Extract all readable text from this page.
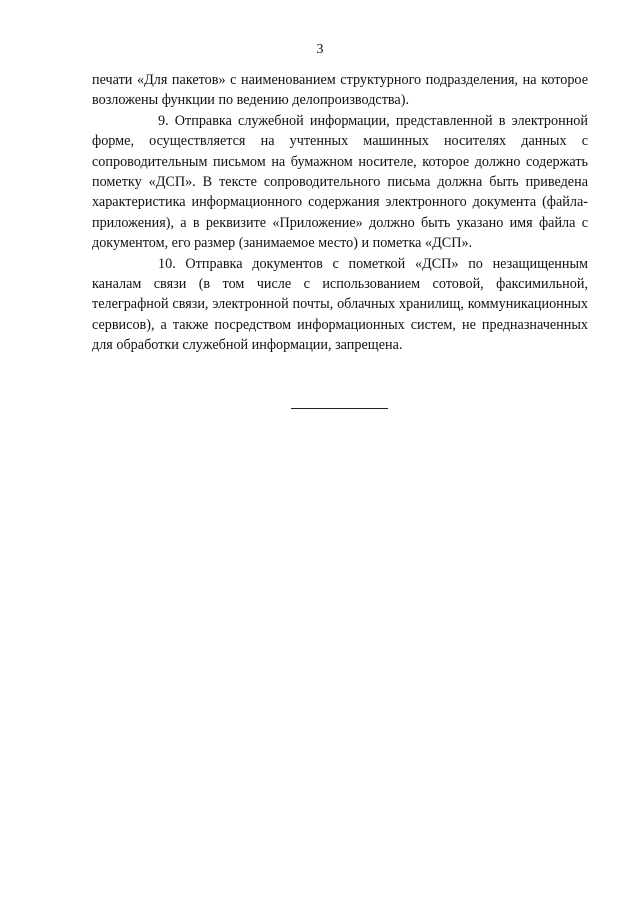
3

печати «Для пакетов» с наименованием структурного подразделения, на которое возложены функции по ведению делопроизводства).

9. Отправка служебной информации, представленной в электронной форме, осуществляется на учтенных машинных носителях данных с сопроводительным письмом на бумажном носителе, которое должно содержать пометку «ДСП». В тексте сопроводительного письма должна быть приведена характеристика информационного содержания электронного документа (файла-приложения), а в реквизите «Приложение» должно быть указано имя файла с документом, его размер (занимаемое место) и пометка «ДСП».

10. Отправка документов с пометкой «ДСП» по незащищенным каналам связи (в том числе с использованием сотовой, факсимильной, телеграфной связи, электронной почты, облачных хранилищ, коммуникационных сервисов), а также посредством информационных систем, не предназначенных для обработки служебной информации, запрещена.
